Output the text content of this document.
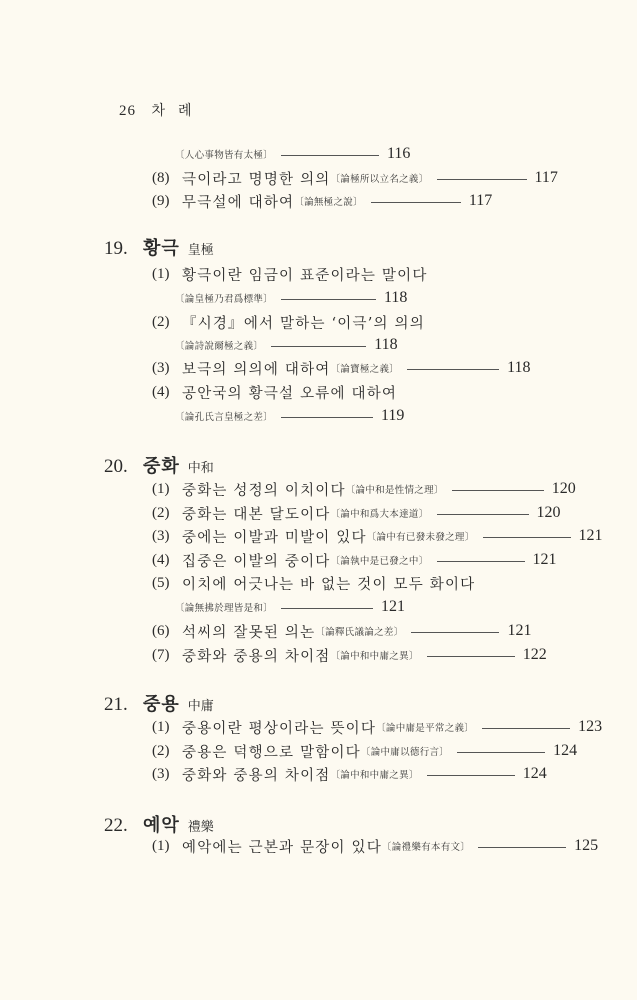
26 차 례
〔人心事物皆有太極〕	116
(8) 극이라고 명명한 의의 〔論極所以立名之義〕	117
(9) 무극설에 대하여 〔論無極之說〕	117
19. 황극 皇極
(1) 황극이란 임금이 표준이라는 말이다
〔論皇極乃君爲標準〕	118
(2) 『시경』에서 말하는 ‘이극’의 의의
〔論詩說爾極之義〕	118
(3) 보극의 의의에 대하여 〔論寶極之義〕	118
(4) 공안국의 황극설 오류에 대하여
〔論孔氏言皇極之差〕	119
20. 중화 中和
(1) 중화는 성정의 이치이다 〔論中和是性情之理〕	120
(2) 중화는 대본 달도이다 〔論中和爲大本達道〕	120
(3) 중에는 이발과 미발이 있다 〔論中有已發未發之理〕	121
(4) 집중은 이발의 중이다 〔論執中是已發之中〕	121
(5) 이치에 어긋나는 바 없는 것이 모두 화이다
〔論無拂於理皆是和〕	121
(6) 석씨의 잘못된 의논 〔論釋氏議論之差〕	121
(7) 중화와 중용의 차이점 〔論中和中庸之異〕	122
21. 중용 中庸
(1) 중용이란 평상이라는 뜻이다 〔論中庸是平常之義〕	123
(2) 중용은 덕행으로 말함이다 〔論中庸以德行言〕	124
(3) 중화와 중용의 차이점 〔論中和中庸之異〕	124
22. 예악 禮樂
(1) 예악에는 근본과 문장이 있다 〔論禮樂有本有文〕	125
